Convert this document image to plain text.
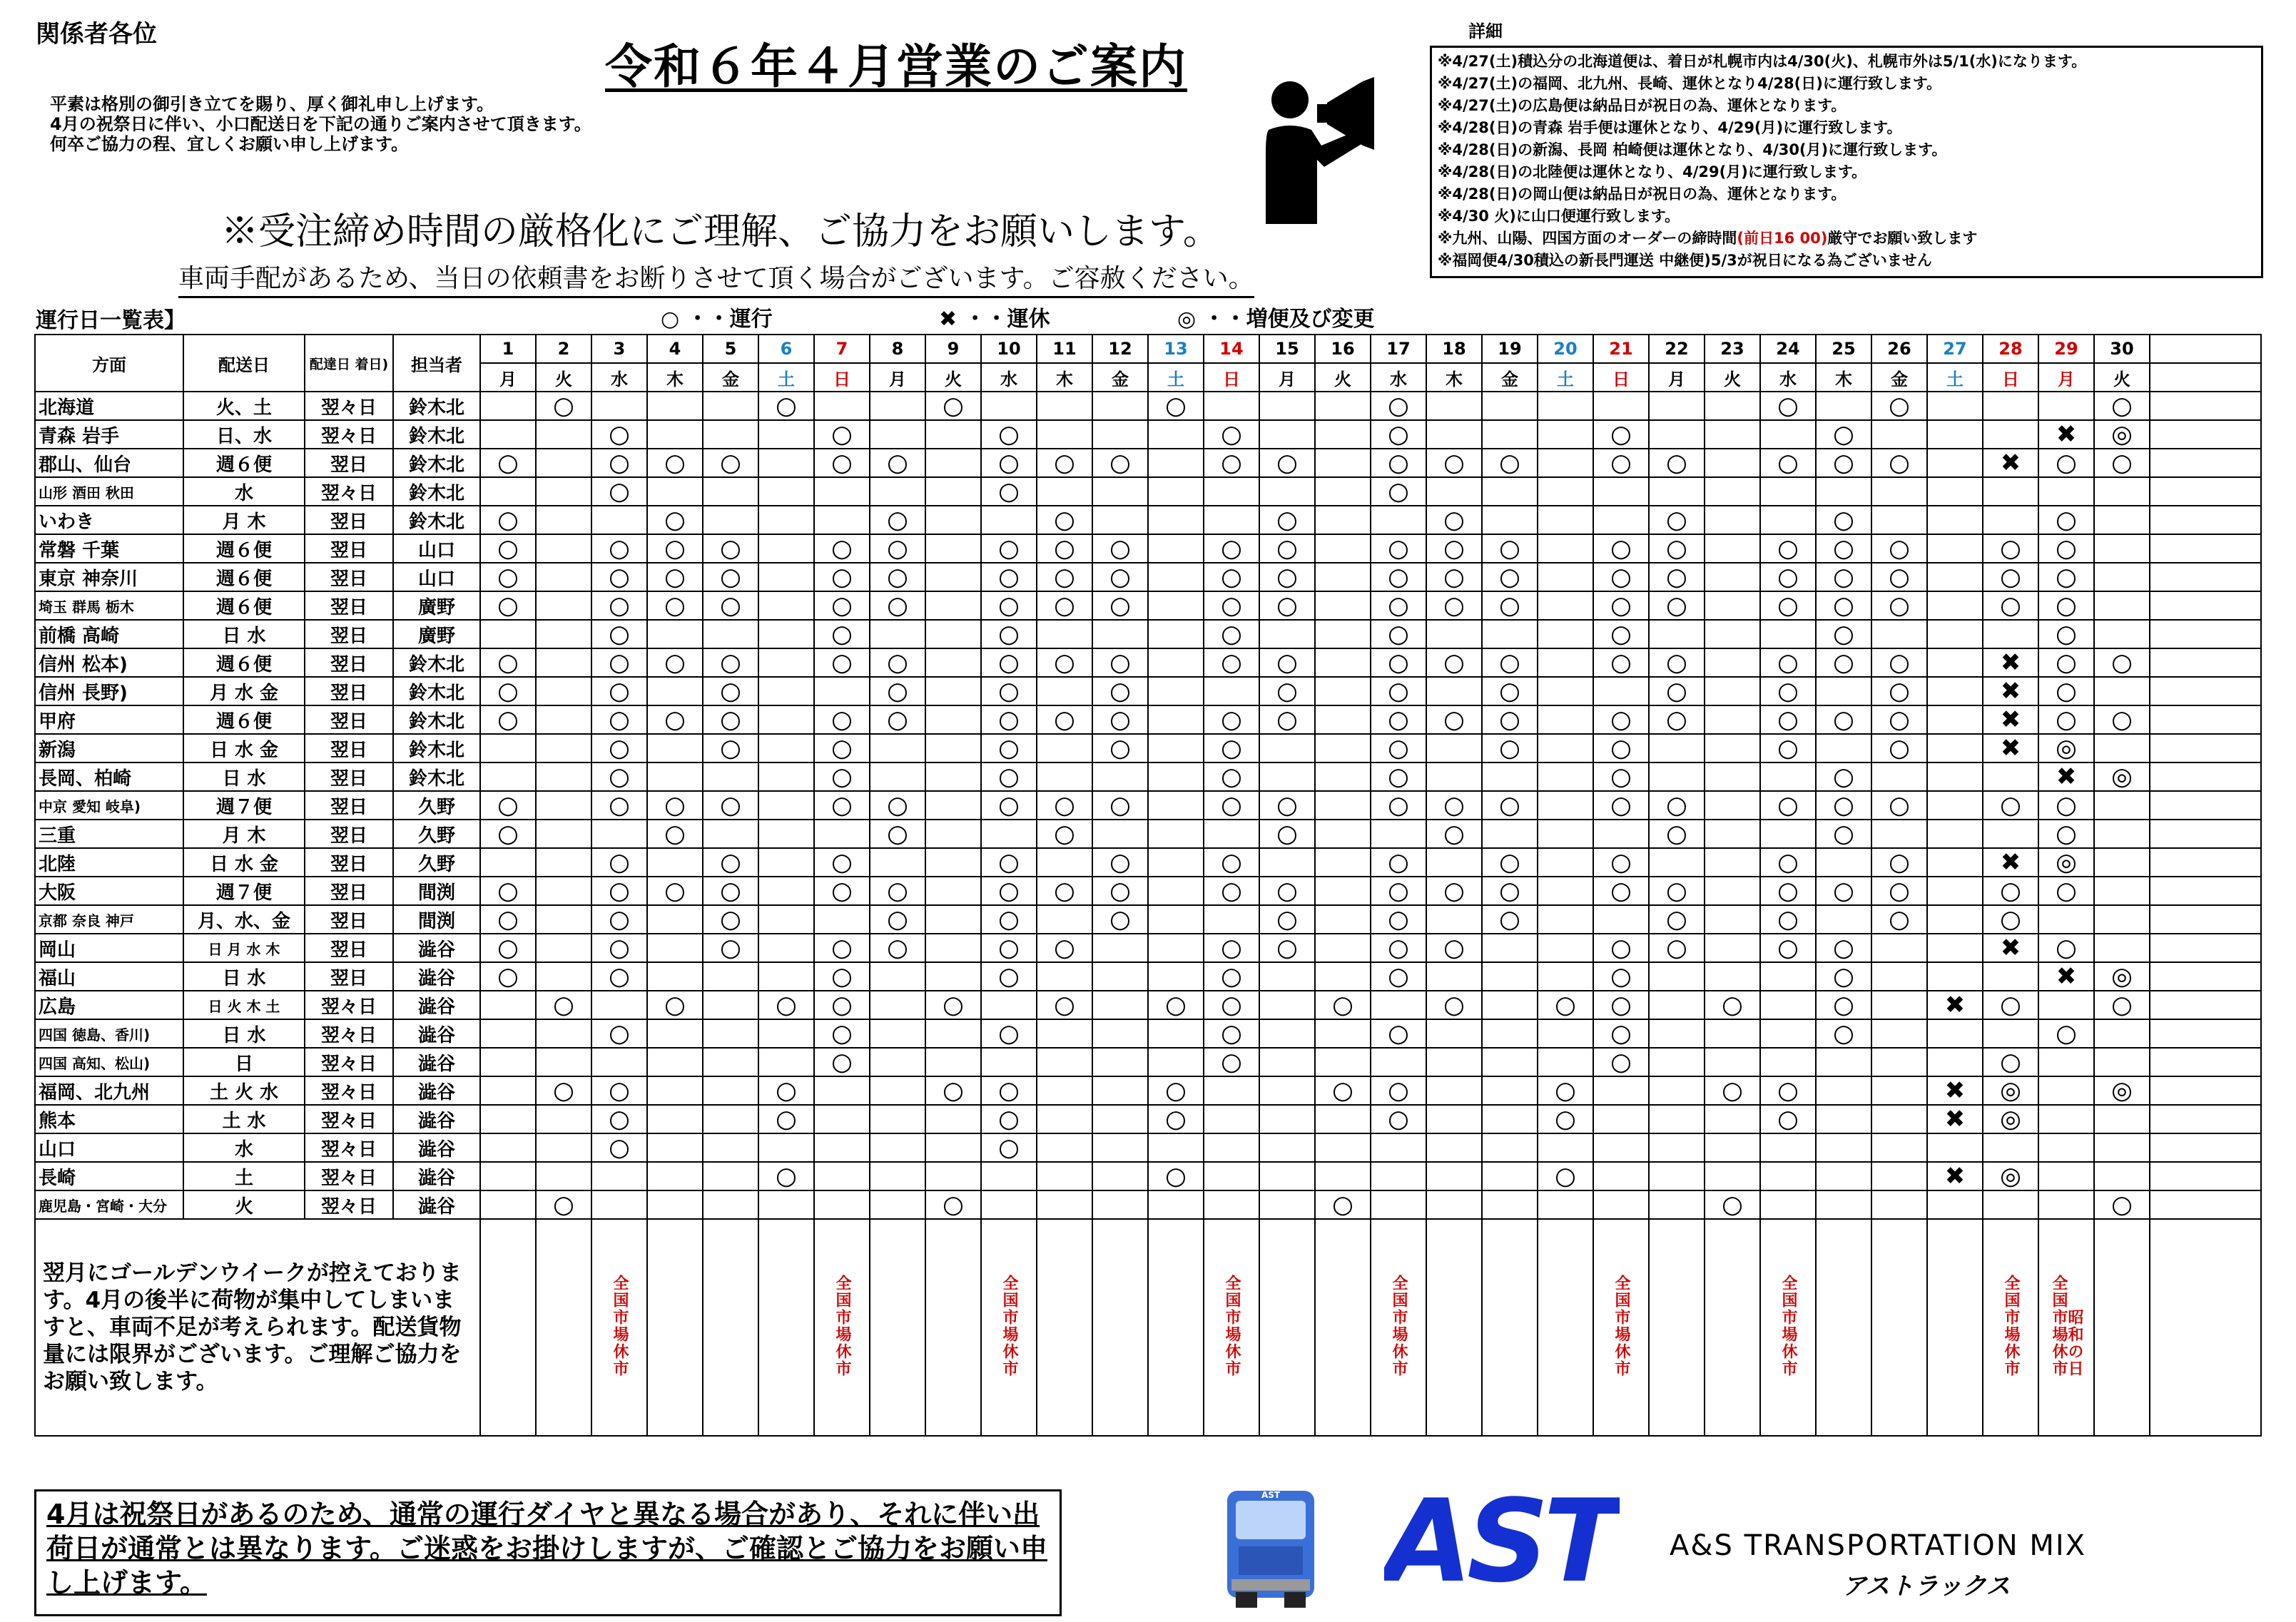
関係者各位
平素は格別の御引き立てを賜り、厚く御礼申し上げます。
4月の祝祭日に伴い、小口配送日を下記の通りご案内させて頂きます。
何卒ご協力の程、宜しくお願い申し上げます。
令和６年４月営業のご案内
※受注締め時間の厳格化にご理解、ご協力をお願いします。
車両手配があるため、当日の依頼書をお断りさせて頂く場合がございます。ご容赦ください。
詳細
※4/27(土)積込分の北海道便は、着日が札幌市内は4/30(火)、札幌市外は5/1(水)になります。
※4/27(土)の福岡、北九州、長崎、運休となり4/28(日)に運行致します。
※4/27(土)の広島便は納品日が祝日の為、運休となります。
※4/28(日)の青森 岩手便は運休となり、4/29(月)に運行致します。
※4/28(日)の新潟、長岡 柏崎便は運休となり、4/30(月)に運行致します。
※4/28(日)の北陸便は運休となり、4/29(月)に運行致します。
※4/28(日)の岡山便は納品日が祝日の為、運休となります。
※4/30 火)に山口便運行致します。
※九州、山陽、四国方面のオーダーの締時間(前日16 00)厳守でお願い致します
※福岡便4/30積込の新長門運送 中継便)5/3が祝日になる為ございません
運行日一覧表】	○ ・・運行	✖ ・・運休	◎ ・・増便及び変更
方面	配送日	配達日 着日)	担当者	1	2	3	4	5	6	7	8	9	10	11	12	13	14	15	16	17	18	19	20	21	22	23	24	25	26	27	28	29	30	
				月	火	水	木	金	土	日	月	火	水	木	金	土	日	月	火	水	木	金	土	日	月	火	水	木	金	土	日	月	火	
北海道	火、土	翌々日	鈴木北		○				○			○				○				○							○		○				○	
青森 岩手	日、水	翌々日	鈴木北			○				○			○				○			○				○				○				✖	◎	
郡山、仙台	週６便	翌日	鈴木北	○		○	○	○		○	○		○	○	○		○	○		○	○	○		○	○		○	○	○		✖	○	○	
山形 酒田 秋田	水	翌々日	鈴木北			○							○							○														
いわき	月 木	翌日	鈴木北	○			○				○			○				○			○				○			○				○		
常磐 千葉	週６便	翌日	山口	○		○	○	○		○	○		○	○	○		○	○		○	○	○		○	○		○	○	○		○	○		
東京 神奈川	週６便	翌日	山口	○		○	○	○		○	○		○	○	○		○	○		○	○	○		○	○		○	○	○		○	○		
埼玉 群馬 栃木	週６便	翌日	廣野	○		○	○	○		○	○		○	○	○		○	○		○	○	○		○	○		○	○	○		○	○		
前橋 高崎	日 水	翌日	廣野			○				○			○				○			○				○				○				○		
信州 松本)	週６便	翌日	鈴木北	○		○	○	○		○	○		○	○	○		○	○		○	○	○		○	○		○	○	○		✖	○	○	
信州 長野)	月 水 金	翌日	鈴木北	○		○		○			○		○		○			○		○		○			○		○		○		✖	○		
甲府	週６便	翌日	鈴木北	○		○	○	○		○	○		○	○	○		○	○		○	○	○		○	○		○	○	○		✖	○	○	
新潟	日 水 金	翌日	鈴木北			○		○		○			○		○		○			○		○		○			○		○		✖	◎		
長岡、柏崎	日 水	翌日	鈴木北			○				○			○				○			○				○				○				✖	◎	
中京 愛知 岐阜)	週７便	翌日	久野	○		○	○	○		○	○		○	○	○		○	○		○	○	○		○	○		○	○	○		○	○		
三重	月 木	翌日	久野	○			○				○			○				○			○				○			○				○		
北陸	日 水 金	翌日	久野			○		○		○			○		○		○			○		○		○			○		○		✖	◎		
大阪	週７便	翌日	間渕	○		○	○	○		○	○		○	○	○		○	○		○	○	○		○	○		○	○	○		○	○		
京都 奈良 神戸	月、水、金	翌日	間渕	○		○		○			○		○		○			○		○		○			○		○		○		○			
岡山	日 月 水 木	翌日	澁谷	○		○		○		○	○		○	○			○	○		○	○			○	○		○	○			✖	○		
福山	日 水	翌日	澁谷	○		○				○			○				○			○				○				○				✖	◎	
広島	日 火 木 土	翌々日	澁谷		○		○		○	○		○		○		○	○		○		○		○	○		○		○		✖	○		○	
四国 徳島、香川)	日 水	翌々日	澁谷			○				○			○				○			○				○				○				○		
四国 高知、松山)	日	翌々日	澁谷							○							○							○							○			
福岡、北九州	土 火 水	翌々日	澁谷		○	○			○			○	○			○			○	○			○			○	○			✖	◎		◎	
熊本	土 水	翌々日	澁谷			○			○				○			○				○			○				○			✖	◎			
山口	水	翌々日	澁谷			○							○																					
長崎	土	翌々日	澁谷						○							○							○							✖	◎			
鹿児島・宮崎・大分	火	翌々日	澁谷		○							○							○							○							○	
翌月にゴールデンウイークが控えております。4月の後半に荷物が集中してしまいますと、車両不足が考えられます。配送貨物量には限界がございます。ご理解ご協力をお願い致します。						全国市場休市				全国市場休市			全国市場休市				全国市場休市			全国市場休市				全国市場休市			全国市場休市				全国市場休市	全国市場休市昭和の日		
4月は祝祭日があるのため、通常の運行ダイヤと異なる場合があり、それに伴い出荷日が通常とは異なります。ご迷惑をお掛けしますが、ご確認とご協力をお願い申し上げます。
AST AST	A&S TRANSPORTATION MIX
アストラックス
